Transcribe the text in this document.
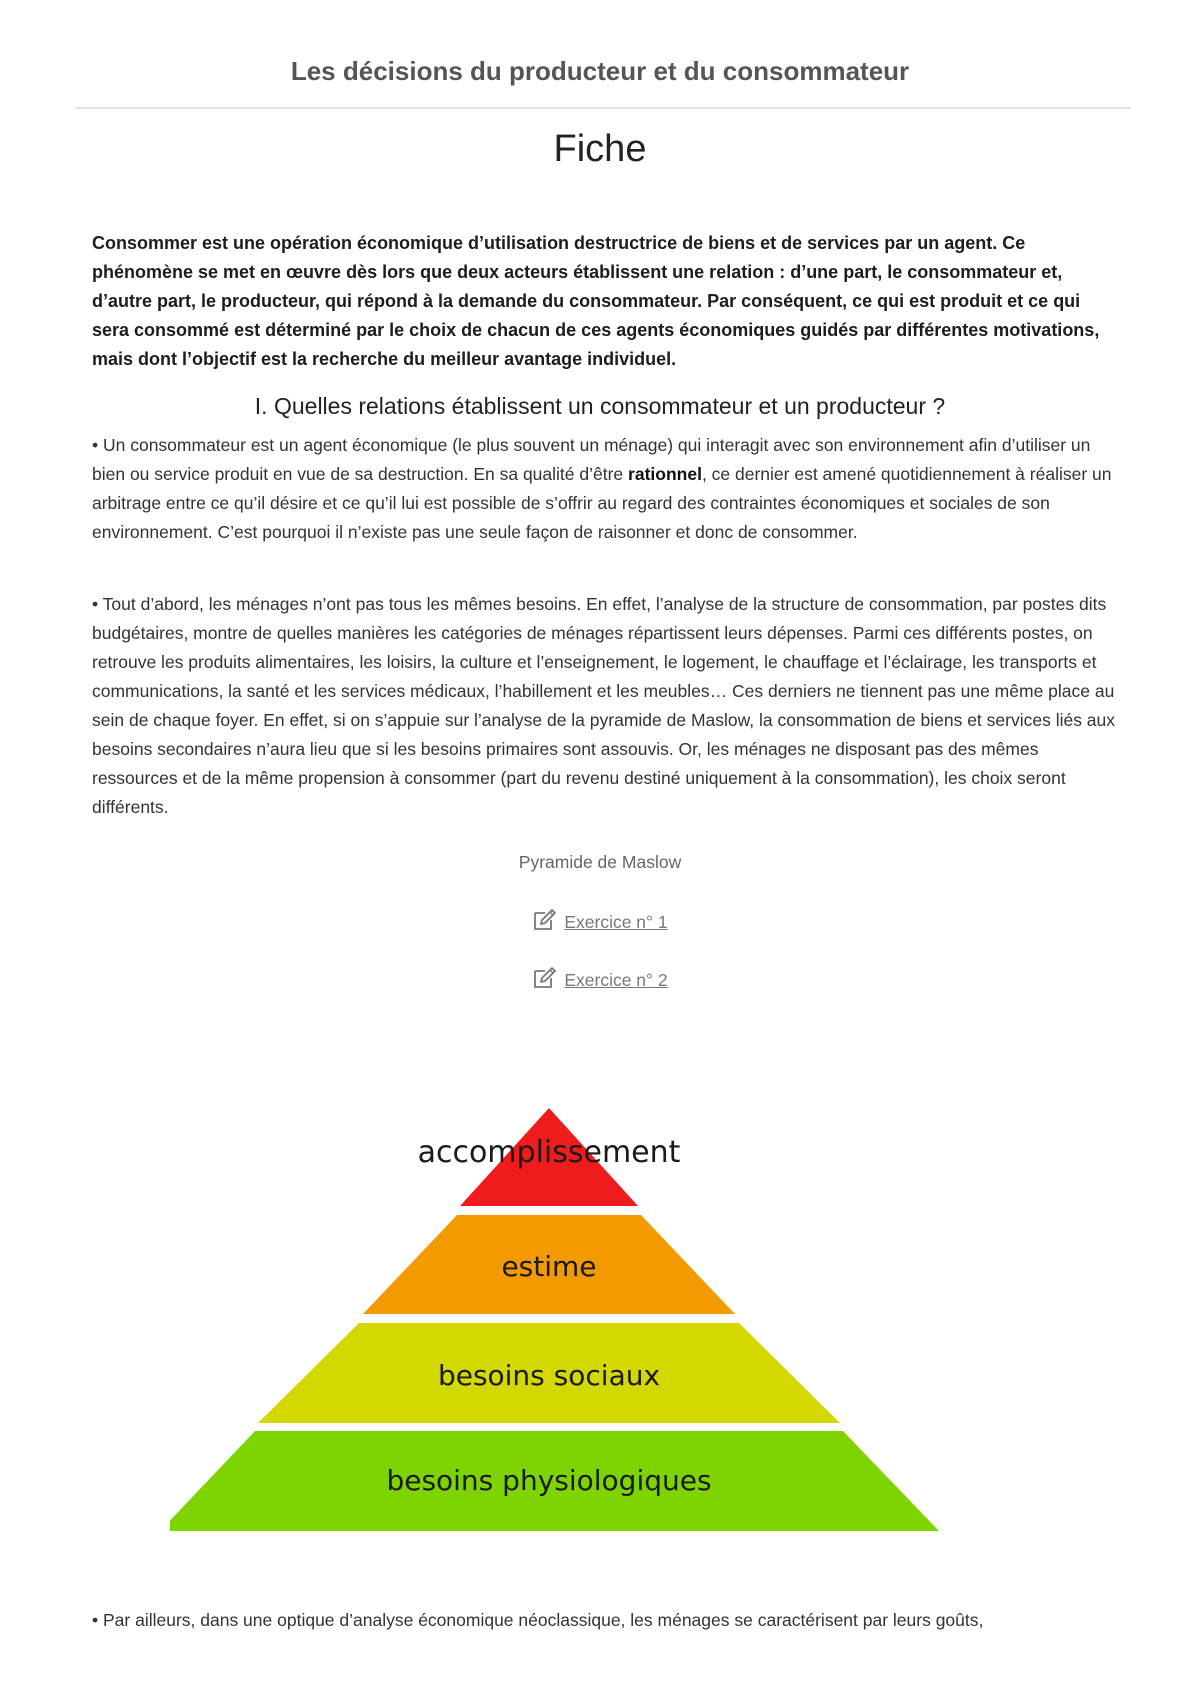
Les décisions du producteur et du consommateur
Fiche

Consommer est une opération économique d’utilisation destructrice de biens et de services par un agent. Ce phénomène se met en œuvre dès lors que deux acteurs établissent une relation : d’une part, le consommateur et, d’autre part, le producteur, qui répond à la demande du consommateur. Par conséquent, ce qui est produit et ce qui sera consommé est déterminé par le choix de chacun de ces agents économiques guidés par différentes motivations, mais dont l’objectif est la recherche du meilleur avantage individuel.

I. Quelles relations établissent un consommateur et un producteur ?

• Un consommateur est un agent économique (le plus souvent un ménage) qui interagit avec son environnement afin d’utiliser un bien ou service produit en vue de sa destruction. En sa qualité d’être rationnel, ce dernier est amené quotidiennement à réaliser un arbitrage entre ce qu’il désire et ce qu’il lui est possible de s’offrir au regard des contraintes économiques et sociales de son environnement. C’est pourquoi il n’existe pas une seule façon de raisonner et donc de consommer.

• Tout d’abord, les ménages n’ont pas tous les mêmes besoins. En effet, l’analyse de la structure de consommation, par postes dits budgétaires, montre de quelles manières les catégories de ménages répartissent leurs dépenses. Parmi ces différents postes, on retrouve les produits alimentaires, les loisirs, la culture et l’enseignement, le logement, le chauffage et l’éclairage, les transports et communications, la santé et les services médicaux, l’habillement et les meubles… Ces derniers ne tiennent pas une même place au sein de chaque foyer. En effet, si on s’appuie sur l’analyse de la pyramide de Maslow, la consommation de biens et services liés aux besoins secondaires n’aura lieu que si les besoins primaires sont assouvis. Or, les ménages ne disposant pas des mêmes ressources et de la même propension à consommer (part du revenu destiné uniquement à la consommation), les choix seront différents.

Pyramide de Maslow
Exercice n° 1
Exercice n° 2
accomplissement
estime
besoins sociaux
besoins physiologiques

• Par ailleurs, dans une optique d’analyse économique néoclassique, les ménages se caractérisent par leurs goûts,
